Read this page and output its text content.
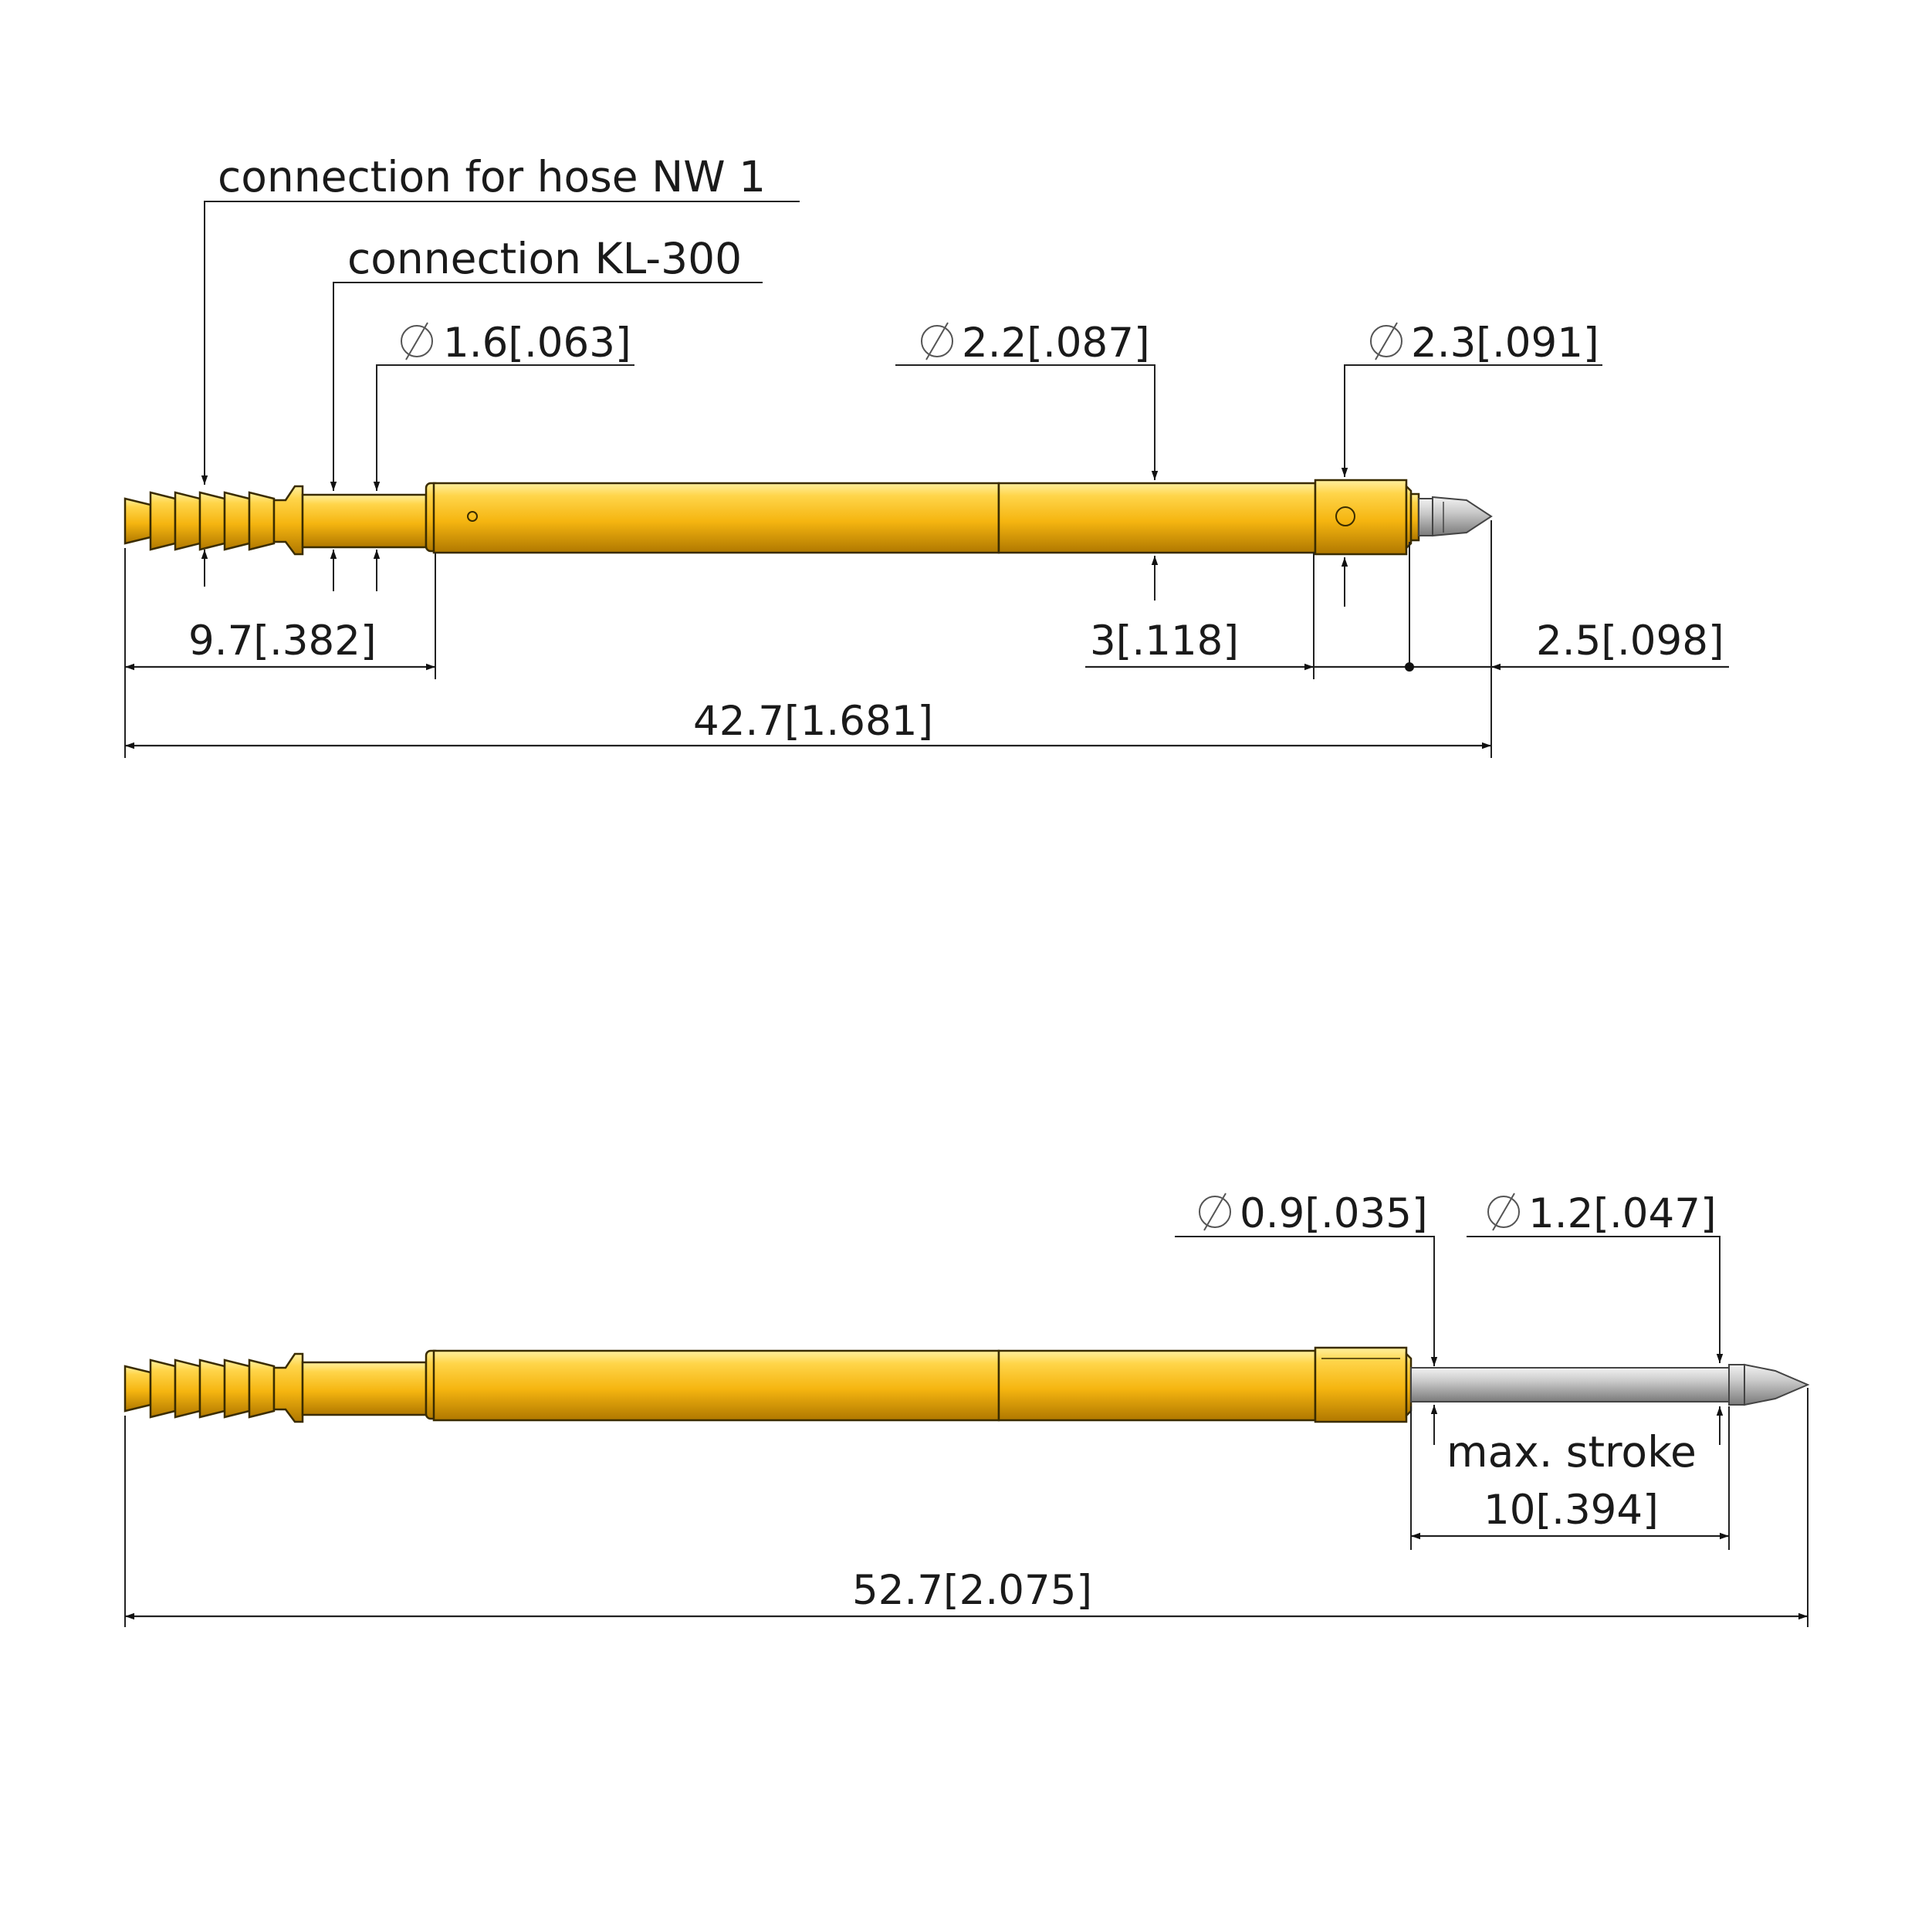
connection for hose NW 1
connection KL-300
1.6[.063]	2.2[.087]	2.3[.091]
9.7[.382]	3[.118]	2.5[.098]
42.7[1.681]
0.9[.035] 1.2[.047]
max. stroke
10[.394]
52.7[2.075]
